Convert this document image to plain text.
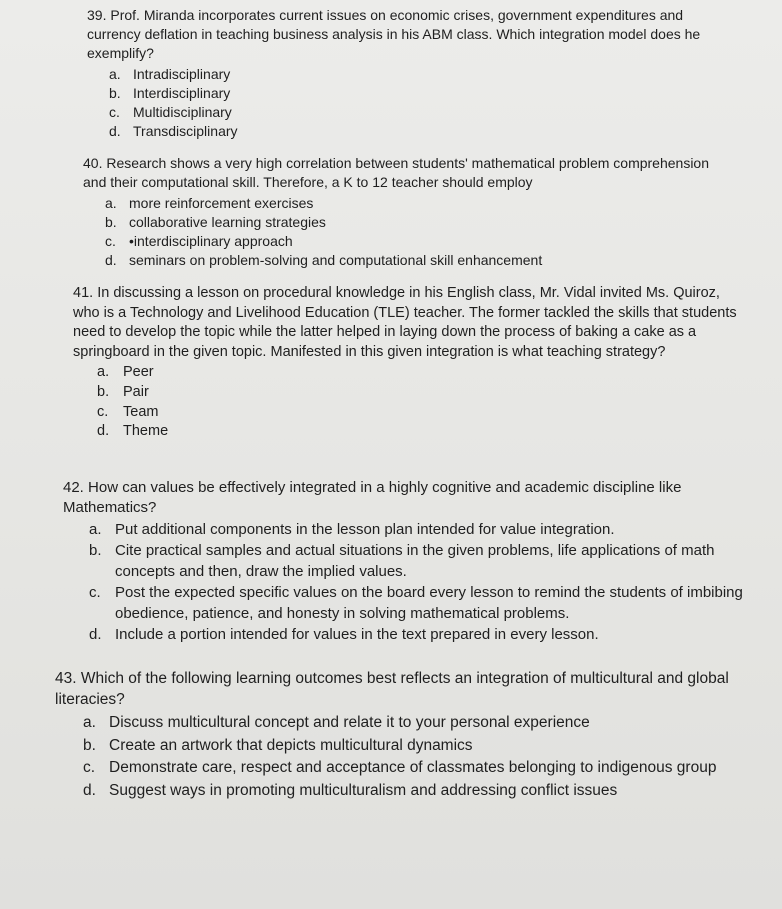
39. Prof. Miranda incorporates current issues on economic crises, government expenditures and currency deflation in teaching business analysis in his ABM class. Which integration model does he exemplify?
a. Intradisciplinary
b. Interdisciplinary
c. Multidisciplinary
d. Transdisciplinary
40. Research shows a very high correlation between students' mathematical problem comprehension and their computational skill. Therefore, a K to 12 teacher should employ
a. more reinforcement exercises
b. collaborative learning strategies
c. •interdisciplinary approach
d. seminars on problem-solving and computational skill enhancement
41. In discussing a lesson on procedural knowledge in his English class, Mr. Vidal invited Ms. Quiroz, who is a Technology and Livelihood Education (TLE) teacher. The former tackled the skills that students need to develop the topic while the latter helped in laying down the process of baking a cake as a springboard in the given topic. Manifested in this given integration is what teaching strategy?
a. Peer
b. Pair
c.	Team
d. Theme
42. How can values be effectively integrated in a highly cognitive and academic discipline like Mathematics?
a. Put additional components in the lesson plan intended for value integration.
b. Cite practical samples and actual situations in the given problems, life applications of math concepts and then, draw the implied values.
c. Post the expected specific values on the board every lesson to remind the students of imbibing obedience, patience, and honesty in solving mathematical problems.
d. Include a portion intended for values in the text prepared in every lesson.
43. Which of the following learning outcomes best reflects an integration of multicultural and global literacies?
a. Discuss multicultural concept and relate it to your personal experience
b. Create an artwork that depicts multicultural dynamics
c. Demonstrate care, respect and acceptance of classmates belonging to indigenous group
d. Suggest ways in promoting multiculturalism and addressing conflict issues
